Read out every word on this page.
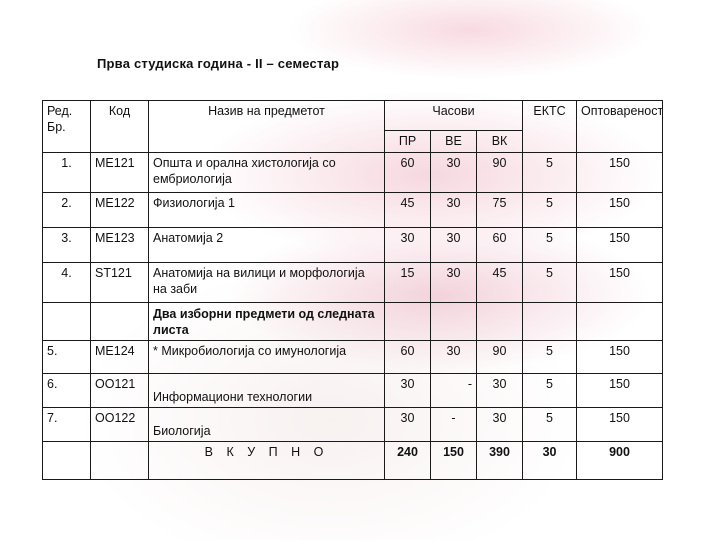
Прва студиска година - II – семестар
Ред. Бр.	Код	Назив на предметот	Часови			ЕКТС	Оптовареност
			ПР	ВЕ	ВК		
1.	ME121	Општа и орална хистологија со ембриологија	60	30	90	5	150
2.	ME122	Физиологија 1	45	30	75	5	150
3.	ME123	Анатомија 2	30	30	60	5	150
4.	ST121	Анатомија на вилици и морфологија на заби	15	30	45	5	150
		Два изборни предмети од следната листа					
5.	ME124	* Микробиологија со имунологија	60	30	90	5	150
6.	OO121	Информациони технологии	30	-	30	5	150
7.	OO122	Биологија	30	-	30	5	150
		В К У П Н О	240	150	390	30	900
